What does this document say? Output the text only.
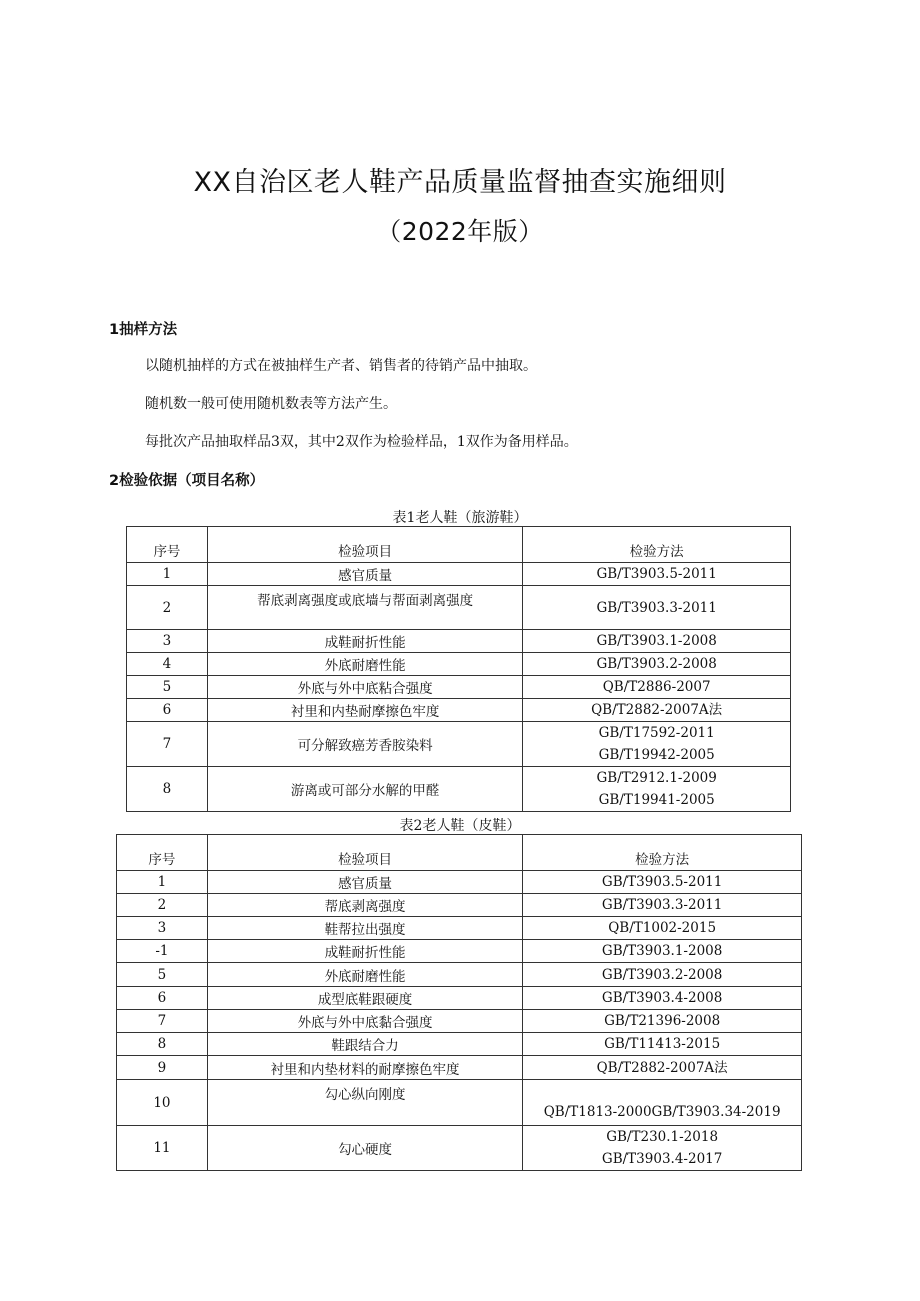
XX自治区老人鞋产品质量监督抽查实施细则
（2022年版）
1抽样方法
以随机抽样的方式在被抽样生产者、销售者的待销产品中抽取。
随机数一般可使用随机数表等方法产生。
每批次产品抽取样品3双，其中2双作为检验样品，1双作为备用样品。
2检验依据（项目名称）
表1老人鞋（旅游鞋）
序号	检验项目	检验方法
1	感官质量	GB/T3903.5-2011

2	帮底剥离强度或底墙与帮面剥离强度	GB/T3903.3-2011

3	成鞋耐折性能	GB/T3903.1-2008

4	外底耐磨性能	GB/T3903.2-2008

5	外底与外中底粘合强度	QB/T2886-2007

6	衬里和内垫耐摩擦色牢度	QB/T2882-2007A法

7	可分解致癌芳香胺染料	GB/T17592-2011
GB/T19942-2005

8	游离或可部分水解的甲醛	GB/T2912.1-2009
GB/T19941-2005
表2老人鞋（皮鞋）
序号	检验项目	检验方法
1	感官质量	GB/T3903.5-2011

2	帮底剥离强度	GB/T3903.3-2011

3	鞋帮拉出强度	QB/T1002-2015

-1	成鞋耐折性能	GB/T3903.1-2008

5	外底耐磨性能	GB/T3903.2-2008

6	成型底鞋跟硬度	GB/T3903.4-2008

7	外底与外中底黏合强度	GB/T21396-2008

8	鞋跟结合力	GB/T11413-2015

9	衬里和内垫材料的耐摩擦色牢度	QB/T2882-2007A法

10	勾心纵向刚度	QB/T1813-2000GB/T3903.34-2019

11	勾心硬度	GB/T230.1-2018
GB/T3903.4-2017
